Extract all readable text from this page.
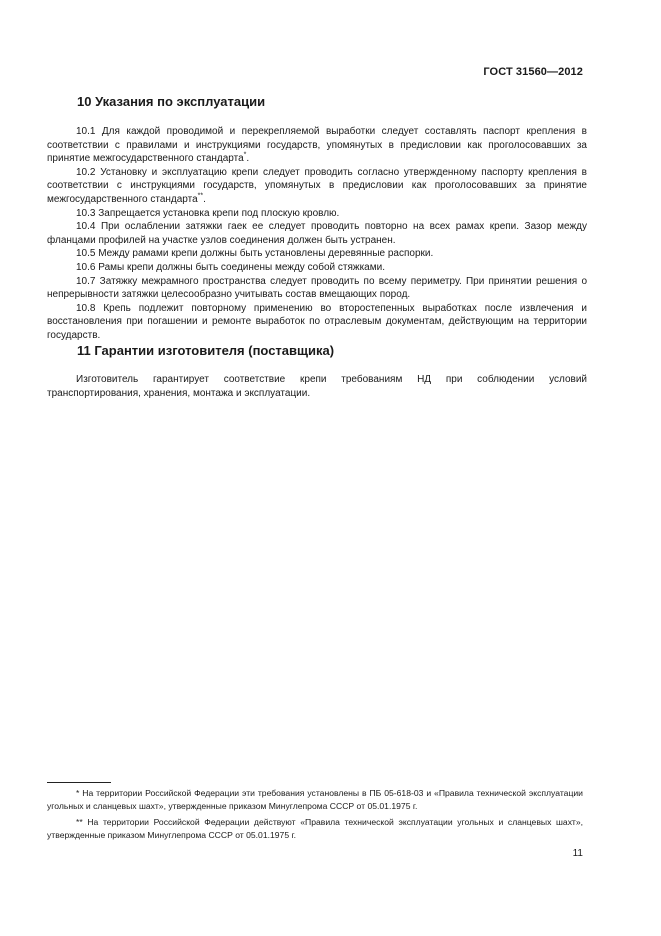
ГОСТ 31560—2012
10 Указания по эксплуатации

10.1 Для каждой проводимой и перекрепляемой выработки следует составлять паспорт крепления в соответствии с правилами и инструкциями государств, упомянутых в предисловии как проголосовавших за принятие межгосударственного стандарта*.

10.2 Установку и эксплуатацию крепи следует проводить согласно утвержденному паспорту крепления в соответствии с инструкциями государств, упомянутых в предисловии как проголосовавших за принятие межгосударственного стандарта**.

10.3 Запрещается установка крепи под плоскую кровлю.

10.4 При ослаблении затяжки гаек ее следует проводить повторно на всех рамах крепи. Зазор между фланцами профилей на участке узлов соединения должен быть устранен.

10.5 Между рамами крепи должны быть установлены деревянные распорки.

10.6 Рамы крепи должны быть соединены между собой стяжками.

10.7 Затяжку межрамного пространства следует проводить по всему периметру. При принятии решения о непрерывности затяжки целесообразно учитывать состав вмещающих пород.

10.8 Крепь подлежит повторному применению во второстепенных выработках после извлечения и восстановления при погашении и ремонте выработок по отраслевым документам, действующим на территории государств.

11 Гарантии изготовителя (поставщика)

Изготовитель гарантирует соответствие крепи требованиям НД при соблюдении условий транспортирования, хранения, монтажа и эксплуатации.

* На территории Российской Федерации эти требования установлены в ПБ 05-618-03 и «Правила технической эксплуатации угольных и сланцевых шахт», утвержденные приказом Минуглепрома СССР от 05.01.1975 г.

** На территории Российской Федерации действуют «Правила технической эксплуатации угольных и сланцевых шахт», утвержденные приказом Минуглепрома СССР от 05.01.1975 г.

11
